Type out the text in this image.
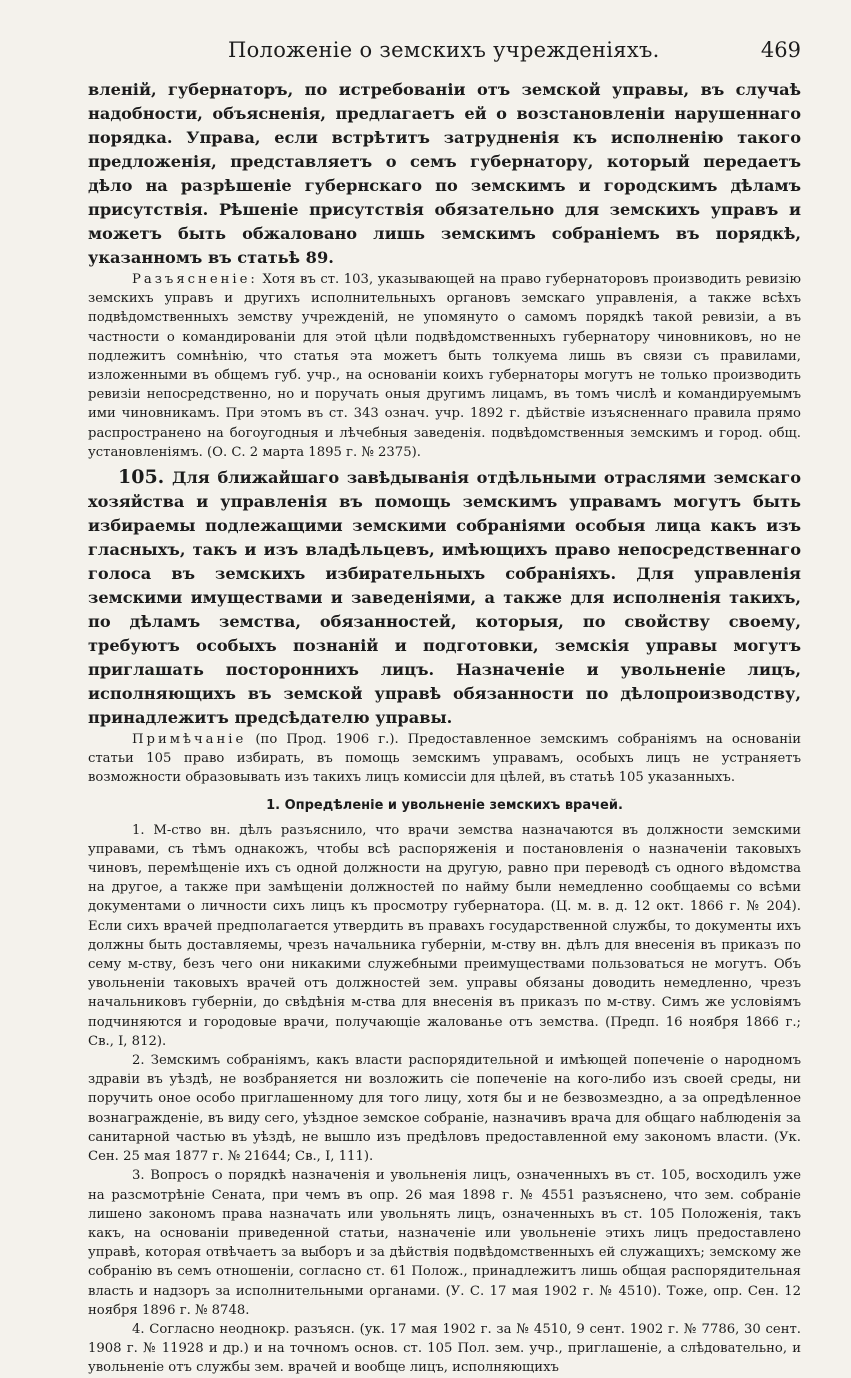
Положеніе о земскихъ учрежденіяхъ.	469

вленій, губернаторъ, по истребованіи отъ земской управы, въ случаѣ надобности, объясненія, предлагаетъ ей о возстановленіи нарушеннаго порядка. Управа, если встрѣтитъ затрудненія къ исполненію такого предложенія, представляетъ о семъ губернатору, который передаетъ дѣло на разрѣшеніе губернскаго по земскимъ и городскимъ дѣламъ присутствія. Рѣшеніе присутствія обязательно для земскихъ управъ и можетъ быть обжаловано лишь земскимъ собраніемъ въ порядкѣ, указанномъ въ статьѣ 89.

Разъясненіе: Хотя въ ст. 103, указывающей на право губернаторовъ производить ревизію земскихъ управъ и другихъ исполнительныхъ органовъ земскаго управленія, а также всѣхъ подвѣдомственныхъ земству учрежденій, не упомянуто о самомъ порядкѣ такой ревизіи, а въ частности о командированіи для этой цѣли подвѣдомственныхъ губернатору чиновниковъ, но не подлежитъ сомнѣнію, что статья эта можетъ быть толкуема лишь въ связи съ правилами, изложенными въ общемъ губ. учр., на основаніи коихъ губернаторы могутъ не только производить ревизіи непосредственно, но и поручать оныя другимъ лицамъ, въ томъ числѣ и командируемымъ ими чиновникамъ. При этомъ въ ст. 343 означ. учр. 1892 г. дѣйствіе изъясненнаго правила прямо распространено на богоугодныя и лѣчебныя заведенія. подвѣдомственныя земскимъ и город. общ. установленіямъ. (О. С. 2 марта 1895 г. № 2375).

105. Для ближайшаго завѣдыванія отдѣльными отраслями земскаго хозяйства и управленія въ помощь земскимъ управамъ могутъ быть избираемы подлежащими земскими собраніями особыя лица какъ изъ гласныхъ, такъ и изъ владѣльцевъ, имѣющихъ право непосредственнаго голоса въ земскихъ избирательныхъ собраніяхъ. Для управленія земскими имуществами и заведеніями, а также для исполненія такихъ, по дѣламъ земства, обязанностей, которыя, по свойству своему, требуютъ особыхъ познаній и подготовки, земскія управы могутъ приглашать постороннихъ лицъ. Назначеніе и увольненіе лицъ, исполняющихъ въ земской управѣ обязанности по дѣлопроизводству, принадлежитъ предсѣдателю управы.

Примѣчаніе (по Прод. 1906 г.). Предоставленное земскимъ собраніямъ на основаніи статьи 105 право избирать, въ помощь земскимъ управамъ, особыхъ лицъ не устраняетъ возможности образовывать изъ такихъ лицъ комиссіи для цѣлей, въ статьѣ 105 указанныхъ.

1. Опредѣленіе и увольненіе земскихъ врачей.

1. М-ство вн. дѣлъ разъяснило, что врачи земства назначаются въ должности земскими управами, съ тѣмъ однакожъ, чтобы всѣ распоряженія и постановленія о назначеніи таковыхъ чиновъ, перемѣщеніе ихъ съ одной должности на другую, равно при переводѣ съ одного вѣдомства на другое, а также при замѣщеніи должностей по найму были немедленно сообщаемы со всѣми документами о личности сихъ лицъ къ просмотру губернатора. (Ц. м. в. д. 12 окт. 1866 г. № 204). Если сихъ врачей предполагается утвердить въ правахъ государственной службы, то документы ихъ должны быть доставляемы, чрезъ начальника губерніи, м-ству вн. дѣлъ для внесенія въ приказъ по сему м-ству, безъ чего они никакими служебными преимуществами пользоваться не могутъ. Объ увольненіи таковыхъ врачей отъ должностей зем. управы обязаны доводить немедленно, чрезъ начальниковъ губерніи, до свѣдѣнія м-ства для внесенія въ приказъ по м-ству. Симъ же условіямъ подчиняются и городовые врачи, получающіе жалованье отъ земства. (Предп. 16 ноября 1866 г.; Св., I, 812).

2. Земскимъ собраніямъ, какъ власти распорядительной и имѣющей попеченіе о народномъ здравіи въ уѣздѣ, не возбраняется ни возложить сіе попеченіе на кого-либо изъ своей среды, ни поручить оное особо приглашенному для того лицу, хотя бы и не безвозмездно, а за опредѣленное вознагражденіе, въ виду сего, уѣздное земское собраніе, назначивъ врача для общаго наблюденія за санитарной частью въ уѣздѣ, не вышло изъ предѣловъ предоставленной ему закономъ власти. (Ук. Сен. 25 мая 1877 г. № 21644; Св., I, 111).

3. Вопросъ о порядкѣ назначенія и увольненія лицъ, означенныхъ въ ст. 105, восходилъ уже на разсмотрѣніе Сената, при чемъ въ опр. 26 мая 1898 г. № 4551 разъяснено, что зем. собраніе лишено закономъ права назначать или увольнять лицъ, означенныхъ въ ст. 105 Положенія, такъ какъ, на основаніи приведенной статьи, назначеніе или увольненіе этихъ лицъ предоставлено управѣ, которая отвѣчаетъ за выборъ и за дѣйствія подвѣдомственныхъ ей служащихъ; земскому же собранію въ семъ отношеніи, согласно ст. 61 Полож., принадлежитъ лишь общая распорядительная власть и надзоръ за исполнительными органами. (У. С. 17 мая 1902 г. № 4510). Тоже, опр. Сен. 12 ноября 1896 г. № 8748.

4. Согласно неоднокр. разъясн. (ук. 17 мая 1902 г. за № 4510, 9 сент. 1902 г. № 7786, 30 сент. 1908 г. № 11928 и др.) и на точномъ основ. ст. 105 Пол. зем. учр., приглашеніе, а слѣдовательно, и увольненіе отъ службы зем. врачей и вообще лицъ, исполняющихъ
